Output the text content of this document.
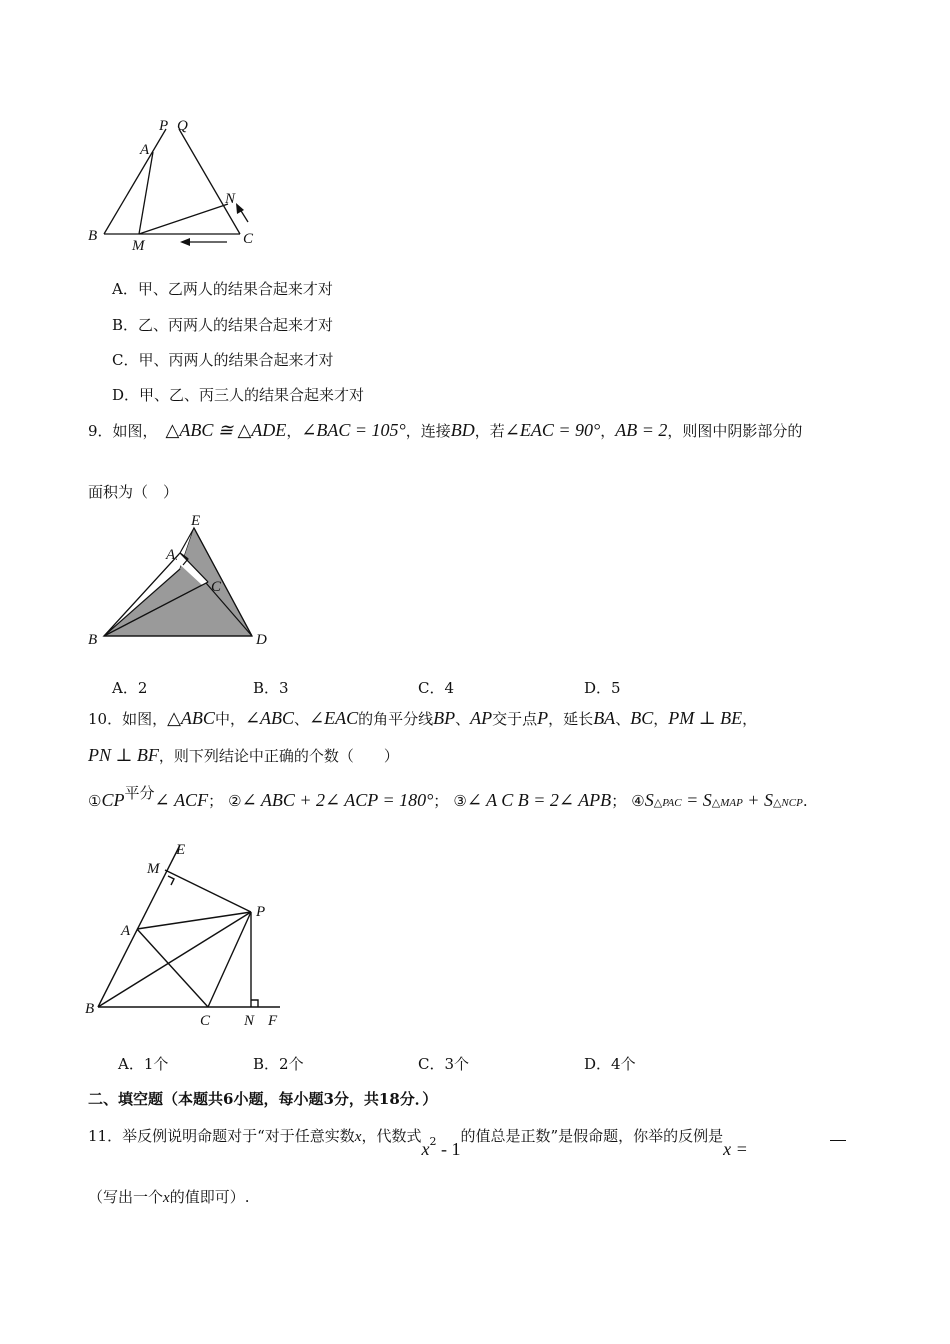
P Q
A
N
B
M	C
A．甲、乙两人的结果合起来才对
B．乙、丙两人的结果合起来才对
C．甲、丙两人的结果合起来才对
D．甲、乙、丙三人的结果合起来才对
9．如图， △ABC ≅ △ADE，∠BAC = 105°，连接BD，若∠EAC = 90°，AB = 2，则图中阴影部分的
面积为（　）
E
A
C
B	D
A．2	B．3	C．4	D．5
10．如图，△ABC中，∠ABC、∠EAC的角平分线BP、AP交于点P，延长BA、BC，PM ⊥ BE，
PN ⊥ BF，则下列结论中正确的个数（　　）
①CP平分∠ ACF； ②∠ ABC + 2∠ ACP = 180°； ③∠ A C B = 2∠ APB； ④S△PAC = S△MAP + S△NCP.
E
M
P
A
B
C N F
A．1个	B．2个	C．3个	D．4个
二、填空题（本题共6小题，每小题3分，共18分．）
11．举反例说明命题对于“对于任意实数x，代数式$x^2 - 1$的值总是正数”是假命题，你举的反例是x =
（写出一个x的值即可）.
